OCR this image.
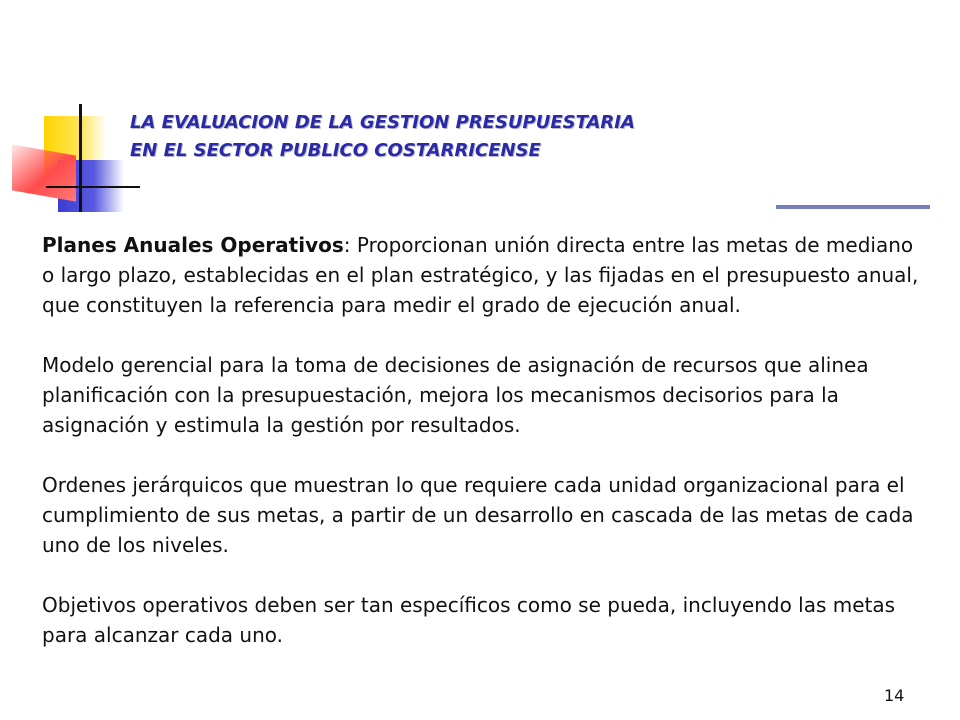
LA EVALUACION DE LA GESTION PRESUPUESTARIA
EN EL SECTOR PUBLICO COSTARRICENSE

Planes Anuales Operativos: Proporcionan unión directa entre las metas de mediano o largo plazo, establecidas en el plan estratégico, y las fijadas en el presupuesto anual, que constituyen la referencia para medir el grado de ejecución anual.

Modelo gerencial para la toma de decisiones de asignación de recursos que alinea planificación con la presupuestación, mejora los mecanismos decisorios para la asignación y estimula la gestión por resultados.

Ordenes jerárquicos que muestran lo que requiere cada unidad organizacional para el cumplimiento de sus metas, a partir de un desarrollo en cascada de las metas de cada uno de los niveles.

Objetivos operativos deben ser tan específicos como se pueda, incluyendo las metas para alcanzar cada uno.

14
